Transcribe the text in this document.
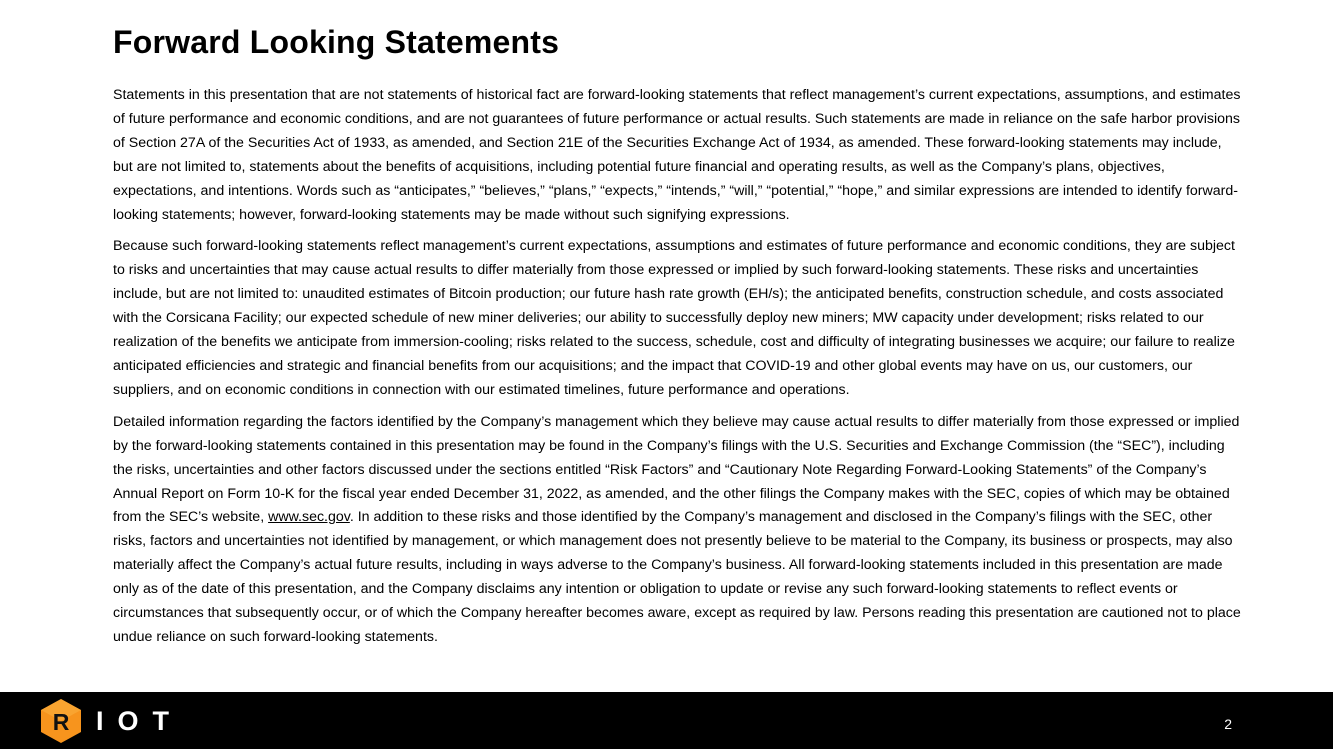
Forward Looking Statements

Statements in this presentation that are not statements of historical fact are forward-looking statements that reflect management’s current expectations, assumptions, and estimates of future performance and economic conditions, and are not guarantees of future performance or actual results. Such statements are made in reliance on the safe harbor provisions of Section 27A of the Securities Act of 1933, as amended, and Section 21E of the Securities Exchange Act of 1934, as amended. These forward-looking statements may include, but are not limited to, statements about the benefits of acquisitions, including potential future financial and operating results, as well as the Company’s plans, objectives, expectations, and intentions. Words such as “anticipates,” “believes,” “plans,” “expects,” “intends,” “will,” “potential,” “hope,” and similar expressions are intended to identify forward-looking statements; however, forward-looking statements may be made without such signifying expressions.

Because such forward-looking statements reflect management’s current expectations, assumptions and estimates of future performance and economic conditions, they are subject to risks and uncertainties that may cause actual results to differ materially from those expressed or implied by such forward-looking statements. These risks and uncertainties include, but are not limited to: unaudited estimates of Bitcoin production; our future hash rate growth (EH/s); the anticipated benefits, construction schedule, and costs associated with the Corsicana Facility; our expected schedule of new miner deliveries; our ability to successfully deploy new miners; MW capacity under development; risks related to our realization of the benefits we anticipate from immersion-cooling; risks related to the success, schedule, cost and difficulty of integrating businesses we acquire; our failure to realize anticipated efficiencies and strategic and financial benefits from our acquisitions; and the impact that COVID-19 and other global events may have on us, our customers, our suppliers, and on economic conditions in connection with our estimated timelines, future performance and operations.

Detailed information regarding the factors identified by the Company’s management which they believe may cause actual results to differ materially from those expressed or implied by the forward-looking statements contained in this presentation may be found in the Company’s filings with the U.S. Securities and Exchange Commission (the “SEC”), including the risks, uncertainties and other factors discussed under the sections entitled “Risk Factors” and “Cautionary Note Regarding Forward-Looking Statements” of the Company’s Annual Report on Form 10-K for the fiscal year ended December 31, 2022, as amended, and the other filings the Company makes with the SEC, copies of which may be obtained from the SEC’s website, www.sec.gov. In addition to these risks and those identified by the Company’s management and disclosed in the Company’s filings with the SEC, other risks, factors and uncertainties not identified by management, or which management does not presently believe to be material to the Company, its business or prospects, may also materially affect the Company’s actual future results, including in ways adverse to the Company’s business. All forward-looking statements included in this presentation are made only as of the date of this presentation, and the Company disclaims any intention or obligation to update or revise any such forward-looking statements to reflect events or circumstances that subsequently occur, or of which the Company hereafter becomes aware, except as required by law. Persons reading this presentation are cautioned not to place undue reliance on such forward-looking statements.

R IOT	2
